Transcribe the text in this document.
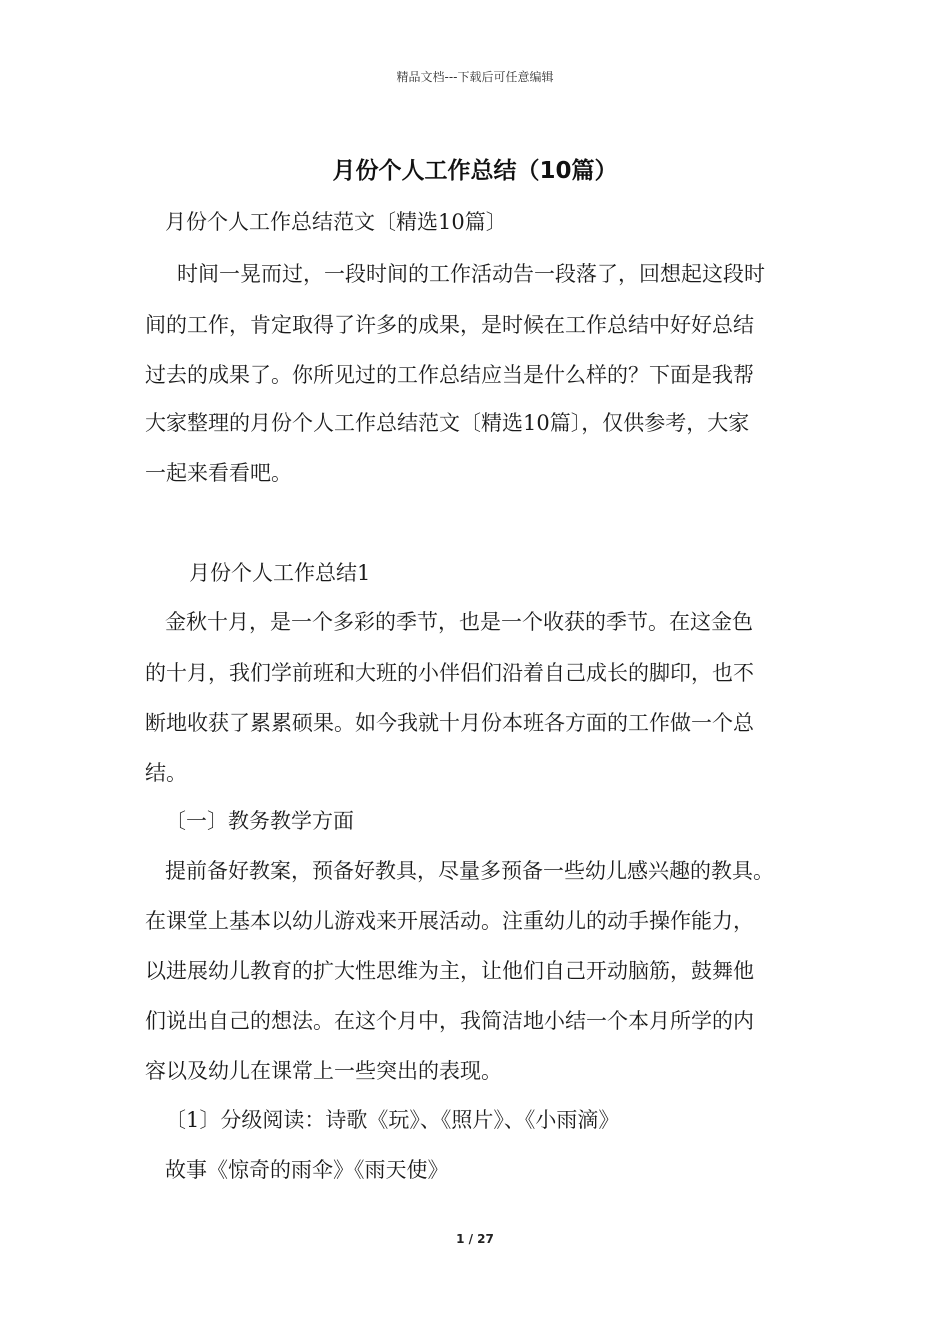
精品文档---下载后可任意编辑
月份个人工作总结（10篇）
月份个人工作总结范文〔精选10篇〕
时间一晃而过，一段时间的工作活动告一段落了，回想起这段时
间的工作，肯定取得了许多的成果，是时候在工作总结中好好总结
过去的成果了。你所见过的工作总结应当是什么样的？下面是我帮
大家整理的月份个人工作总结范文〔精选10篇〕，仅供参考，大家
一起来看看吧。
月份个人工作总结1
金秋十月，是一个多彩的季节，也是一个收获的季节。在这金色
的十月，我们学前班和大班的小伴侣们沿着自己成长的脚印，也不
断地收获了累累硕果。如今我就十月份本班各方面的工作做一个总
结。
〔一〕教务教学方面
提前备好教案，预备好教具，尽量多预备一些幼儿感兴趣的教具。
在课堂上基本以幼儿游戏来开展活动。注重幼儿的动手操作能力，
以进展幼儿教育的扩大性思维为主，让他们自己开动脑筋，鼓舞他
们说出自己的想法。在这个月中，我简洁地小结一个本月所学的内
容以及幼儿在课常上一些突出的表现。
〔1〕分级阅读：诗歌《玩》、《照片》、《小雨滴》
故事《惊奇的雨伞》《雨天使》
1 / 27
